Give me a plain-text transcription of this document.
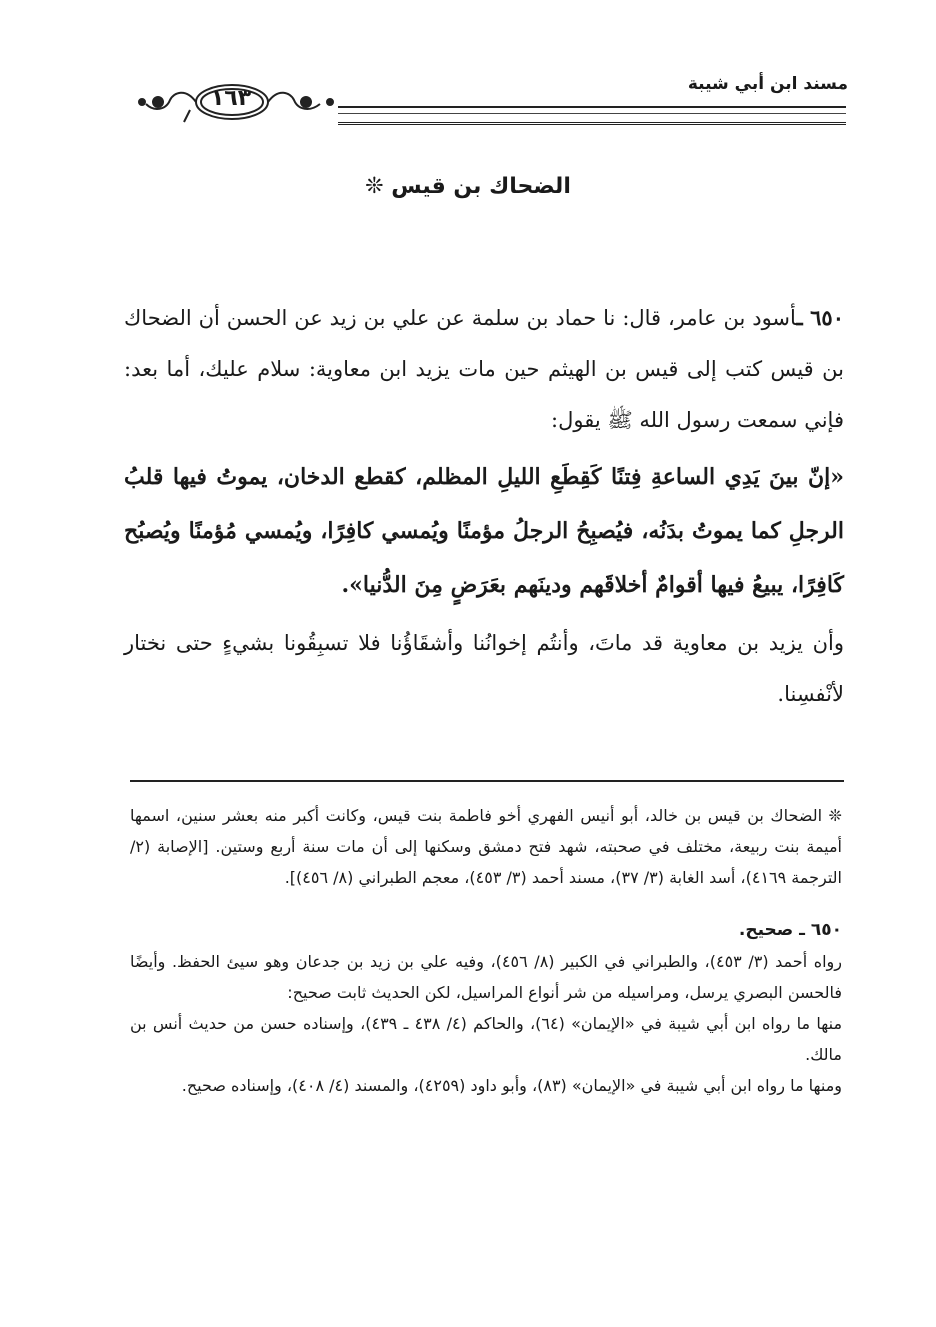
مسند ابن أبي شيبة
١٦٣
الضحاك بن قيس ❊

٦٥٠ ـأسود بن عامر، قال: نا حماد بن سلمة عن علي بن زيد عن الحسن أن الضحاك بن قيس كتب إلى قيس بن الهيثم حين مات يزيد ابن معاوية: سلام عليك، أما بعد: فإني سمعت رسول الله ﷺ يقول:

«إنّ بينَ يَدِي الساعةِ فِتنًا كَقِطَعِ الليلِ المظلم، كقطع الدخان، يموتُ فيها قلبُ الرجلِ كما يموتُ بدَنُه، فيُصبِحُ الرجلُ مؤمنًا ويُمسي كافِرًا، ويُمسي مُؤمنًا ويُصبُح كَافِرًا، يبيعُ فيها أقوامٌ أخلاقَهم ودينَهم بعَرَضٍ مِنَ الدُّنيا».

وأن يزيد بن معاوية قد ماتَ، وأنتُم إخوانُنا وأشقَاؤُنا فلا تسبِقُونا بشيءٍ حتى نختار لأنْفسِنا.

❊ الضحاك بن قيس بن خالد، أبو أنيس الفهري أخو فاطمة بنت قيس، وكانت أكبر منه بعشر سنين، اسمها أميمة بنت ربيعة، مختلف في صحبته، شهد فتح دمشق وسكنها إلى أن مات سنة أربع وستين. [الإصابة (٢/ الترجمة ٤١٦٩)، أسد الغابة (٣/ ٣٧)، مسند أحمد (٣/ ٤٥٣)، معجم الطبراني (٨/ ٤٥٦)].

٦٥٠ ـ صحيح.

رواه أحمد (٣/ ٤٥٣)، والطبراني في الكبير (٨/ ٤٥٦)، وفيه علي بن زيد بن جدعان وهو سيئ الحفظ. وأيضًا فالحسن البصري يرسل، ومراسيله من شر أنواع المراسيل، لكن الحديث ثابت صحيح:

منها ما رواه ابن أبي شيبة في «الإيمان» (٦٤)، والحاكم (٤/ ٤٣٨ ـ ٤٣٩)، وإسناده حسن من حديث أنس بن مالك.

ومنها ما رواه ابن أبي شيبة في «الإيمان» (٨٣)، وأبو داود (٤٢٥٩)، والمسند (٤/ ٤٠٨)، وإسناده صحيح.
